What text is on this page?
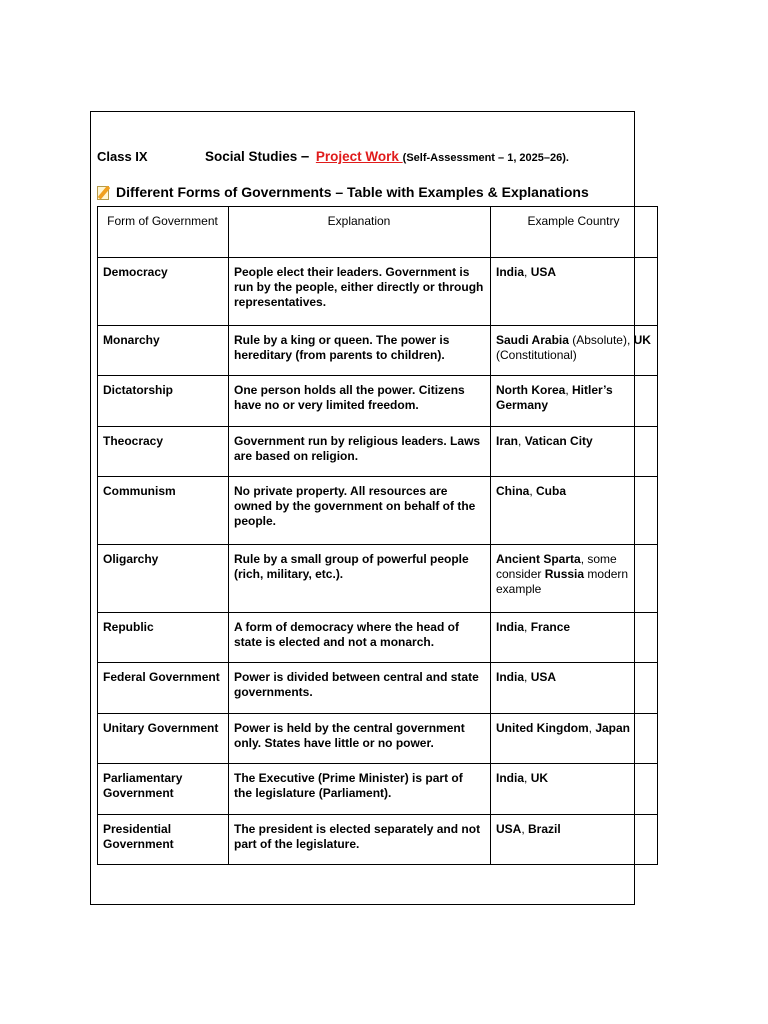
Class IX	Social Studies – Project Work (Self-Assessment – 1, 2025–26).
Different Forms of Governments – Table with Examples & Explanations
Form of Government	Explanation	Example Country
Democracy	People elect their leaders. Government is run by the people, either directly or through representatives.	India, USA
Monarchy	Rule by a king or queen. The power is hereditary (from parents to children).	Saudi Arabia (Absolute), UK (Constitutional)
Dictatorship	One person holds all the power. Citizens have no or very limited freedom.	North Korea, Hitler’s Germany
Theocracy	Government run by religious leaders. Laws are based on religion.	Iran, Vatican City
Communism	No private property. All resources are owned by the government on behalf of the people.	China, Cuba
Oligarchy	Rule by a small group of powerful people (rich, military, etc.).	Ancient Sparta, some consider Russia modern example
Republic	A form of democracy where the head of state is elected and not a monarch.	India, France
Federal Government	Power is divided between central and state governments.	India, USA
Unitary Government	Power is held by the central government only. States have little or no power.	United Kingdom, Japan
Parliamentary Government	The Executive (Prime Minister) is part of the legislature (Parliament).	India, UK
Presidential Government	The president is elected separately and not part of the legislature.	USA, Brazil
